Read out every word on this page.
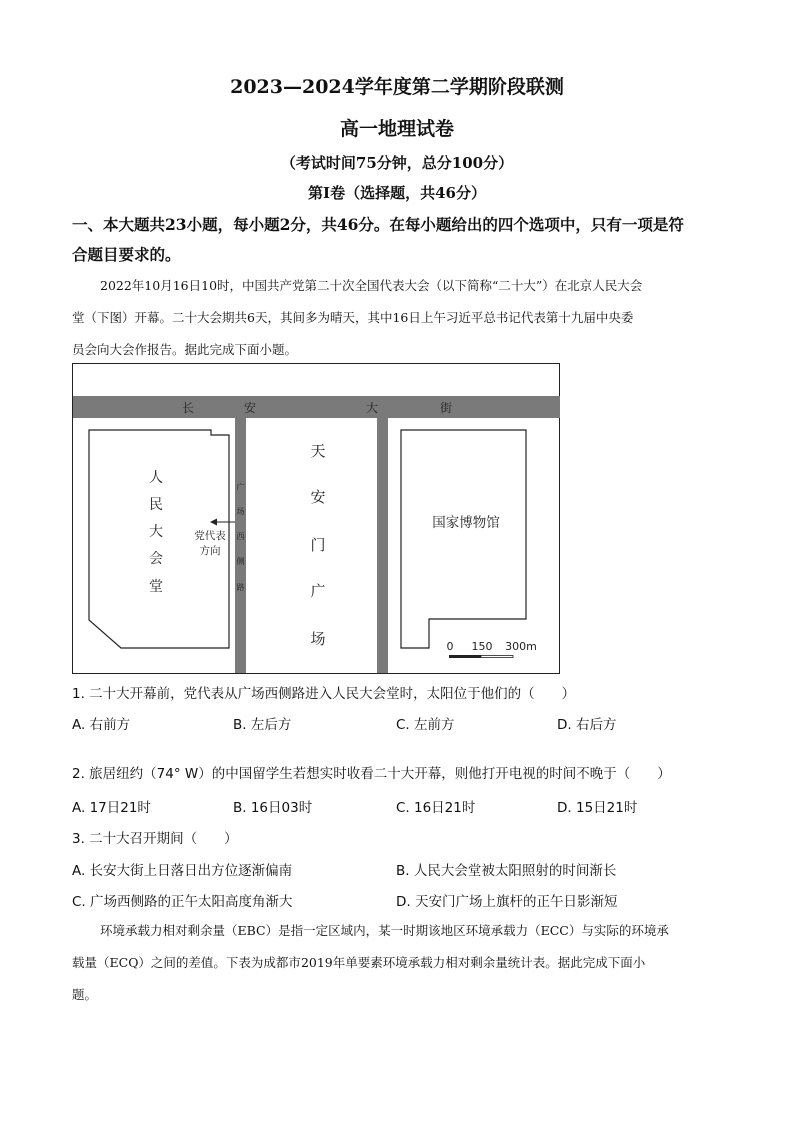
2023—2024学年度第二学期阶段联测
高一地理试卷
（考试时间75分钟，总分100分）
第Ⅰ卷（选择题，共46分）
一、本大题共23小题，每小题2分，共46分。在每小题给出的四个选项中，只有一项是符
合题目要求的。
2022年10月16日10时，中国共产党第二十次全国代表大会（以下简称“二十大”）在北京人民大会
堂（下图）开幕。二十大会期共6天，其间多为晴天，其中16日上午习近平总书记代表第十九届中央委
员会向大会作报告。据此完成下面小题。
长	安	大	街
人
民
大
会
堂
党代表
方向
广
场
西
侧
路
天
安
门
广
场
国家博物馆
0 150 300m
1. 二十大开幕前，党代表从广场西侧路进入人民大会堂时，太阳位于他们的（　　）
A. 右前方	B. 左后方	C. 左前方	D. 右后方
2. 旅居纽约（74° W）的中国留学生若想实时收看二十大开幕，则他打开电视的时间不晚于（　　）
A. 17日21时	B. 16日03时	C. 16日21时	D. 15日21时
3. 二十大召开期间（　　）
A. 长安大街上日落日出方位逐渐偏南	B. 人民大会堂被太阳照射的时间渐长
C. 广场西侧路的正午太阳高度角渐大	D. 天安门广场上旗杆的正午日影渐短
环境承载力相对剩余量（EBC）是指一定区域内，某一时期该地区环境承载力（ECC）与实际的环境承
载量（ECQ）之间的差值。下表为成都市2019年单要素环境承载力相对剩余量统计表。据此完成下面小
题。
